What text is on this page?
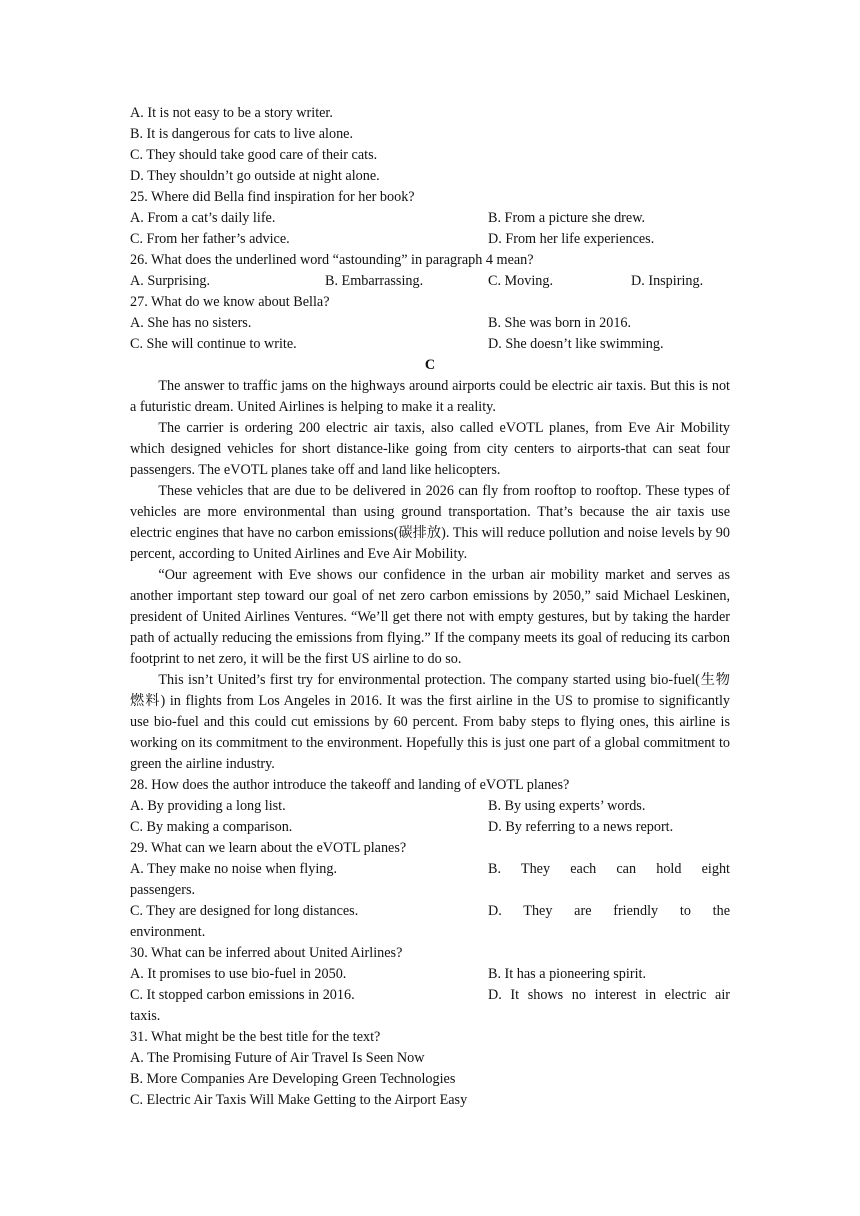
A. It is not easy to be a story writer.
B. It is dangerous for cats to live alone.
C. They should take good care of their cats.
D. They shouldn’t go outside at night alone.
25. Where did Bella find inspiration for her book?
A. From a cat’s daily life.	B. From a picture she drew.
C. From her father’s advice.	D. From her life experiences.
26. What does the underlined word “astounding” in paragraph 4 mean?
A. Surprising.	B. Embarrassing.	C. Moving.	D. Inspiring.
27. What do we know about Bella?
A. She has no sisters.	B. She was born in 2016.
C. She will continue to write.	D. She doesn’t like swimming.
C

The answer to traffic jams on the highways around airports could be electric air taxis. But this is not a futuristic dream. United Airlines is helping to make it a reality.

The carrier is ordering 200 electric air taxis, also called eVOTL planes, from Eve Air Mobility which designed vehicles for short distance-like going from city centers to airports-that can seat four passengers. The eVOTL planes take off and land like helicopters.

These vehicles that are due to be delivered in 2026 can fly from rooftop to rooftop. These types of vehicles are more environmental than using ground transportation. That’s because the air taxis use electric engines that have no carbon emissions(碳排放). This will reduce pollution and noise levels by 90 percent, according to United Airlines and Eve Air Mobility.

“Our agreement with Eve shows our confidence in the urban air mobility market and serves as another important step toward our goal of net zero carbon emissions by 2050,” said Michael Leskinen, president of United Airlines Ventures. “We’ll get there not with empty gestures, but by taking the harder path of actually reducing the emissions from flying.” If the company meets its goal of reducing its carbon footprint to net zero, it will be the first US airline to do so.

This isn’t United’s first try for environmental protection. The company started using bio-fuel(生物燃料) in flights from Los Angeles in 2016. It was the first airline in the US to promise to significantly use bio-fuel and this could cut emissions by 60 percent. From baby steps to flying ones, this airline is working on its commitment to the environment. Hopefully this is just one part of a global commitment to green the airline industry.

28. How does the author introduce the takeoff and landing of eVOTL planes?
A. By providing a long list.	B. By using experts’ words.
C. By making a comparison.	D. By referring to a news report.
29. What can we learn about the eVOTL planes?
A. They make no noise when flying.	B. They each can hold eight
passengers.
C. They are designed for long distances.	D. They are friendly to the
environment.
30. What can be inferred about United Airlines?
A. It promises to use bio-fuel in 2050.	B. It has a pioneering spirit.
C. It stopped carbon emissions in 2016.	D. It shows no interest in electric air
taxis.
31. What might be the best title for the text?
A. The Promising Future of Air Travel Is Seen Now
B. More Companies Are Developing Green Technologies
C. Electric Air Taxis Will Make Getting to the Airport Easy
